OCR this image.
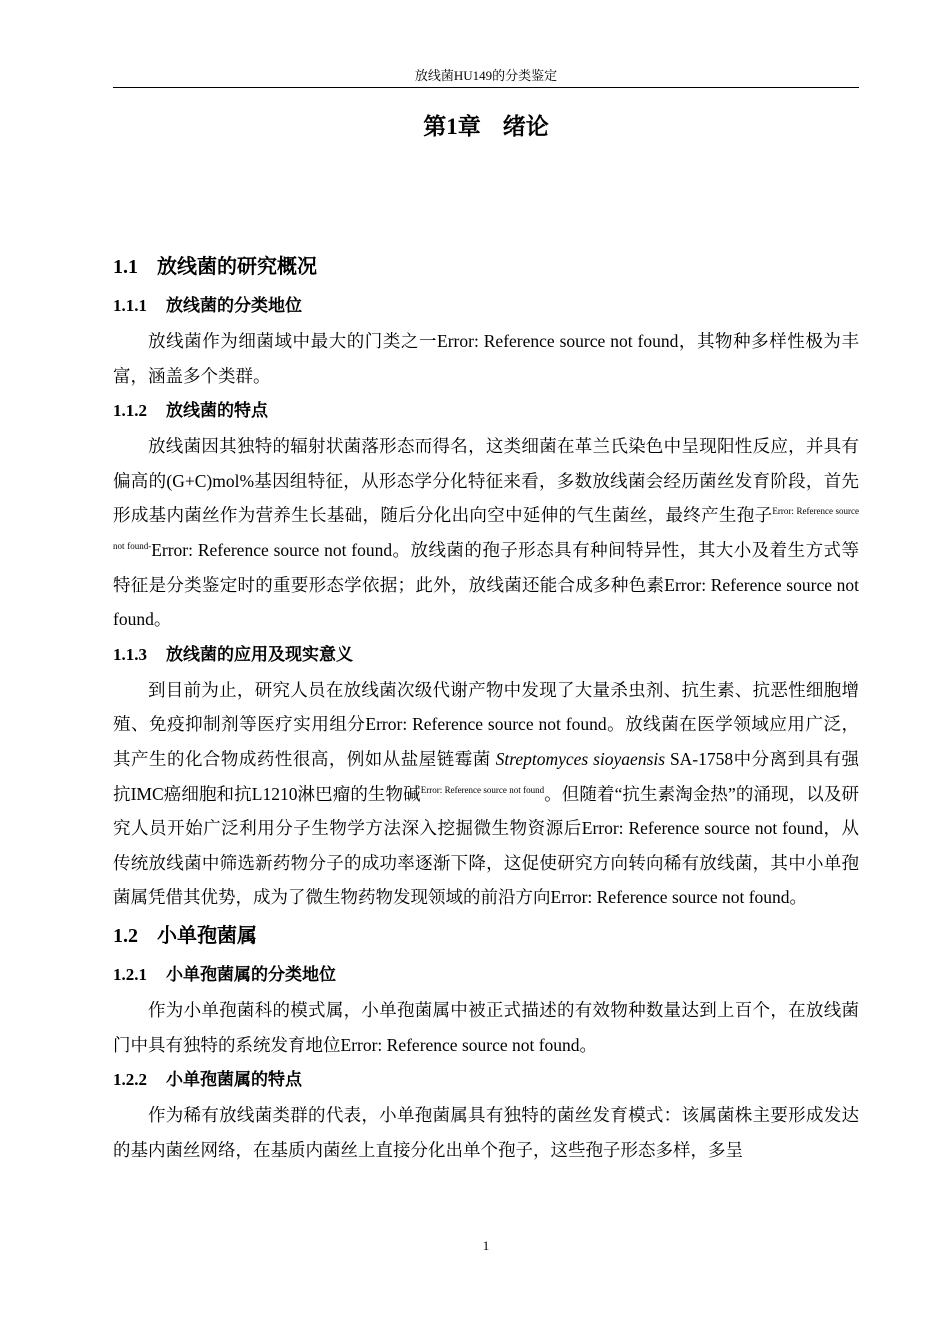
放线菌HU149的分类鉴定
第1章 绪论
1.1 放线菌的研究概况
1.1.1 放线菌的分类地位

放线菌作为细菌域中最大的门类之一Error: Reference source not found，其物种多样性极为丰富，涵盖多个类群。

1.1.2 放线菌的特点

放线菌因其独特的辐射状菌落形态而得名，这类细菌在革兰氏染色中呈现阳性反应，并具有偏高的(G+C)mol%基因组特征，从形态学分化特征来看，多数放线菌会经历菌丝发育阶段，首先形成基内菌丝作为营养生长基础，随后分化出向空中延伸的气生菌丝，最终产生孢子$^{Error: Reference source not found-}$Error: Reference source not found。放线菌的孢子形态具有种间特异性，其大小及着生方式等特征是分类鉴定时的重要形态学依据；此外，放线菌还能合成多种色素Error: Reference source not found。

1.1.3 放线菌的应用及现实意义

到目前为止，研究人员在放线菌次级代谢产物中发现了大量杀虫剂、抗生素、抗恶性细胞增殖、免疫抑制剂等医疗实用组分Error: Reference source not found。放线菌在医学领域应用广泛，其产生的化合物成药性很高，例如从盐屋链霉菌 Streptomyces sioyaensis SA-1758中分离到具有强抗IMC癌细胞和抗L1210淋巴瘤的生物碱$^{Error: Reference source not found}$。但随着“抗生素淘金热”的涌现，以及研究人员开始广泛利用分子生物学方法深入挖掘微生物资源后Error: Reference source not found，从传统放线菌中筛选新药物分子的成功率逐渐下降，这促使研究方向转向稀有放线菌，其中小单孢菌属凭借其优势，成为了微生物药物发现领域的前沿方向Error: Reference source not found。

1.2 小单孢菌属
1.2.1 小单孢菌属的分类地位

作为小单孢菌科的模式属，小单孢菌属中被正式描述的有效物种数量达到上百个，在放线菌门中具有独特的系统发育地位Error: Reference source not found。

1.2.2 小单孢菌属的特点

作为稀有放线菌类群的代表，小单孢菌属具有独特的菌丝发育模式：该属菌株主要形成发达的基内菌丝网络，在基质内菌丝上直接分化出单个孢子，这些孢子形态多样，多呈

1
